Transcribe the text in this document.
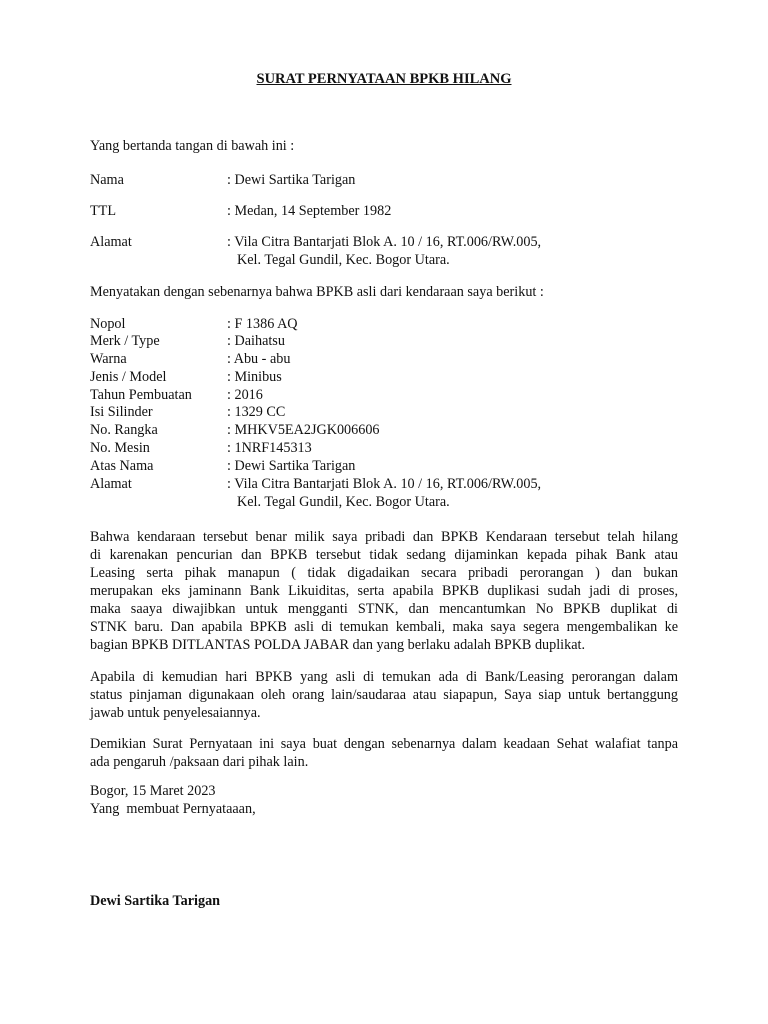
SURAT PERNYATAAN BPKB HILANG
Yang bertanda tangan di bawah ini :
Nama	: Dewi Sartika Tarigan
TTL	: Medan, 14 September 1982
Alamat	: Vila Citra Bantarjati Blok A. 10 / 16, RT.006/RW.005,
Kel. Tegal Gundil, Kec. Bogor Utara.
Menyatakan dengan sebenarnya bahwa BPKB asli dari kendaraan saya berikut :
Nopol	: F 1386 AQ
Merk / Type	: Daihatsu
Warna	: Abu - abu
Jenis / Model	: Minibus
Tahun Pembuatan : 2016
Isi Silinder	: 1329 CC
No. Rangka	: MHKV5EA2JGK006606
No. Mesin	: 1NRF145313
Atas Nama	: Dewi Sartika Tarigan
Alamat	: Vila Citra Bantarjati Blok A. 10 / 16, RT.006/RW.005,
Kel. Tegal Gundil, Kec. Bogor Utara.
Bahwa kendaraan tersebut benar milik saya pribadi dan BPKB Kendaraan tersebut telah hilang
di karenakan pencurian dan BPKB tersebut tidak sedang dijaminkan kepada pihak Bank atau
Leasing serta pihak manapun ( tidak digadaikan secara pribadi perorangan ) dan bukan
merupakan eks jaminann Bank Likuiditas, serta apabila BPKB duplikasi sudah jadi di proses,
maka saaya diwajibkan untuk mengganti STNK, dan mencantumkan No BPKB duplikat di
STNK baru. Dan apabila BPKB asli di temukan kembali, maka saya segera mengembalikan ke
bagian BPKB DITLANTAS POLDA JABAR dan yang berlaku adalah BPKB duplikat.
Apabila di kemudian hari BPKB yang asli di temukan ada di Bank/Leasing perorangan dalam
status pinjaman digunakaan oleh orang lain/saudaraa atau siapapun, Saya siap untuk bertanggung
jawab untuk penyelesaiannya.
Demikian Surat Pernyataan ini saya buat dengan sebenarnya dalam keadaan Sehat walafiat tanpa
ada pengaruh /paksaan dari pihak lain.
Bogor, 15 Maret 2023
Yang  membuat Pernyataaan,
Dewi Sartika Tarigan
